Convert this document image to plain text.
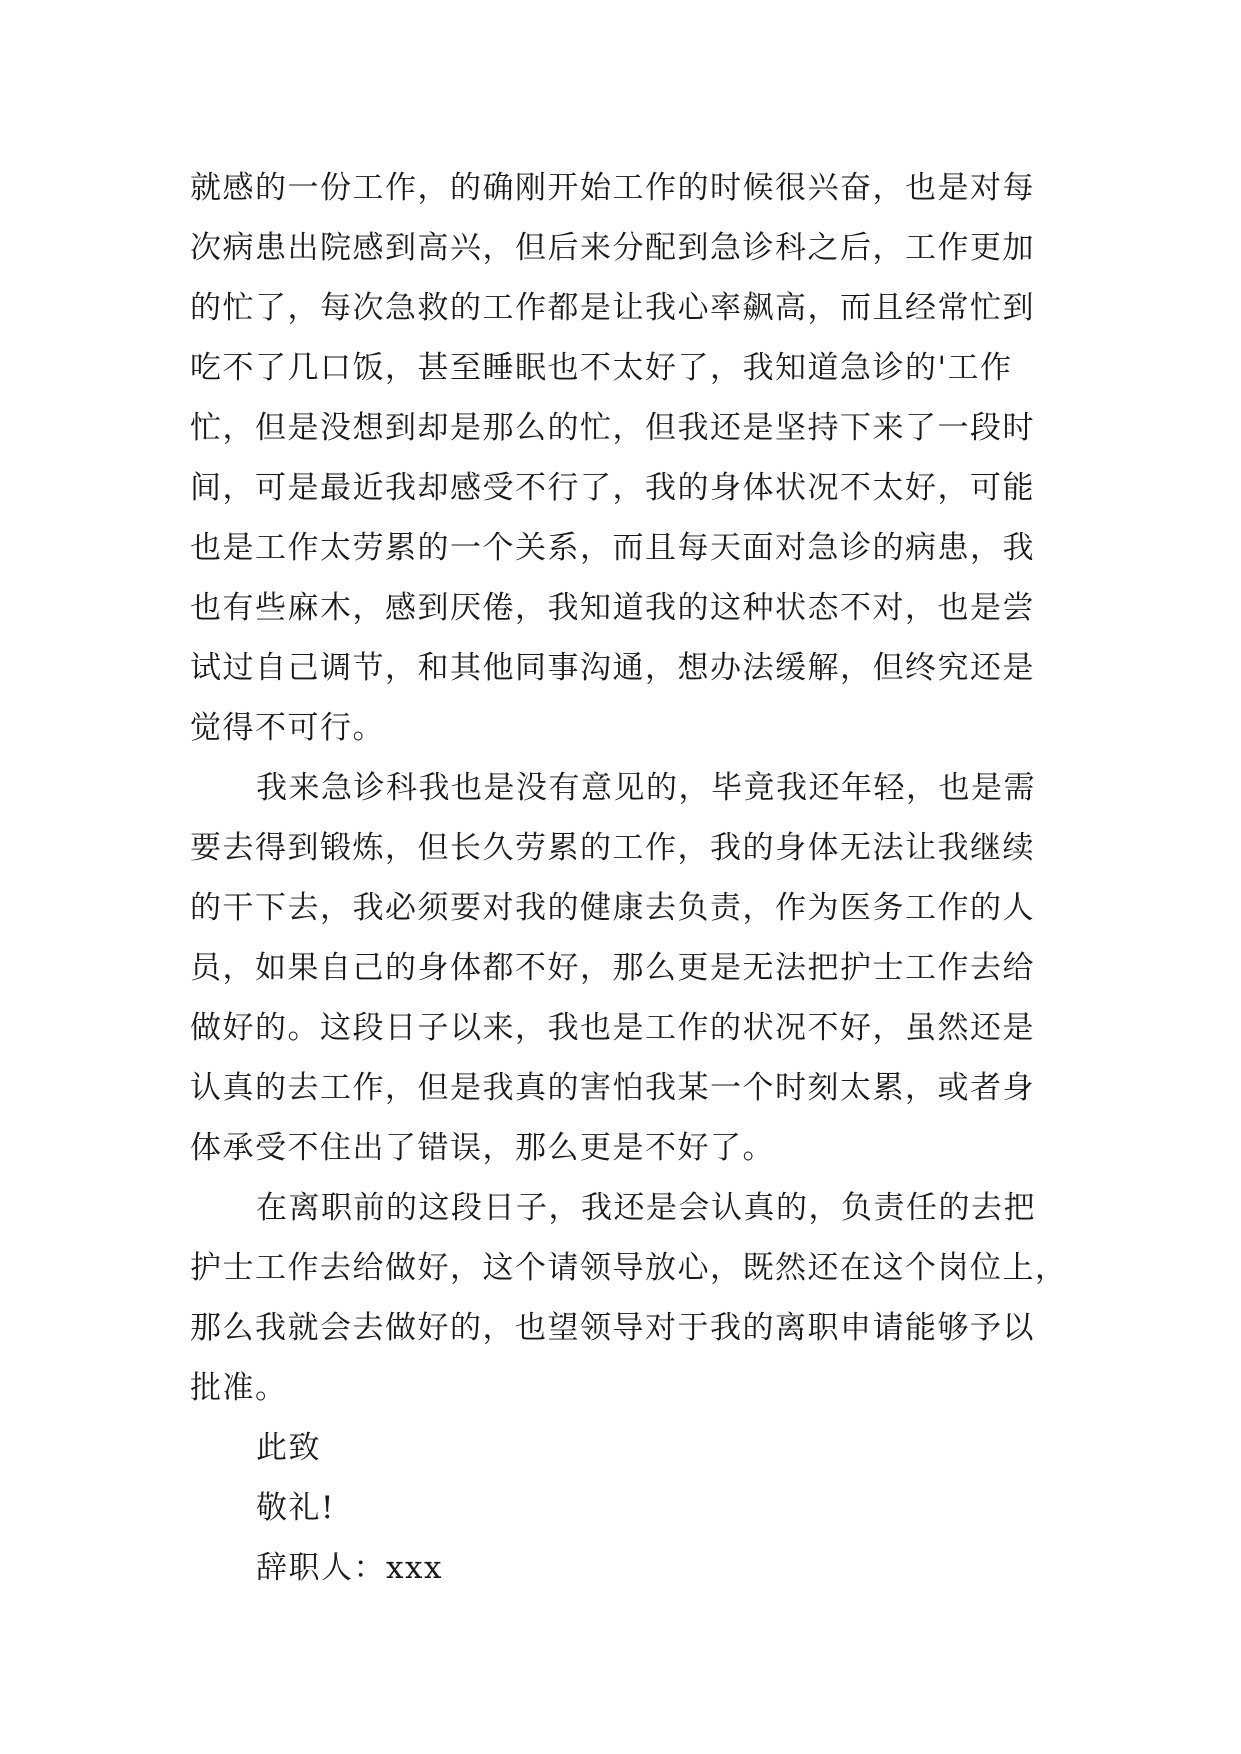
就感的一份工作，的确刚开始工作的时候很兴奋，也是对每
次病患出院感到高兴，但后来分配到急诊科之后，工作更加
的忙了，每次急救的工作都是让我心率飙高，而且经常忙到
吃不了几口饭，甚至睡眠也不太好了，我知道急诊的'工作
忙，但是没想到却是那么的忙，但我还是坚持下来了一段时
间，可是最近我却感受不行了，我的身体状况不太好，可能
也是工作太劳累的一个关系，而且每天面对急诊的病患，我
也有些麻木，感到厌倦，我知道我的这种状态不对，也是尝
试过自己调节，和其他同事沟通，想办法缓解，但终究还是
觉得不可行。
我来急诊科我也是没有意见的，毕竟我还年轻，也是需
要去得到锻炼，但长久劳累的工作，我的身体无法让我继续
的干下去，我必须要对我的健康去负责，作为医务工作的人
员，如果自己的身体都不好，那么更是无法把护士工作去给
做好的。这段日子以来，我也是工作的状况不好，虽然还是
认真的去工作，但是我真的害怕我某一个时刻太累，或者身
体承受不住出了错误，那么更是不好了。
在离职前的这段日子，我还是会认真的，负责任的去把
护士工作去给做好，这个请领导放心，既然还在这个岗位上，
那么我就会去做好的，也望领导对于我的离职申请能够予以
批准。
此致
敬礼!
辞职人：xxx
